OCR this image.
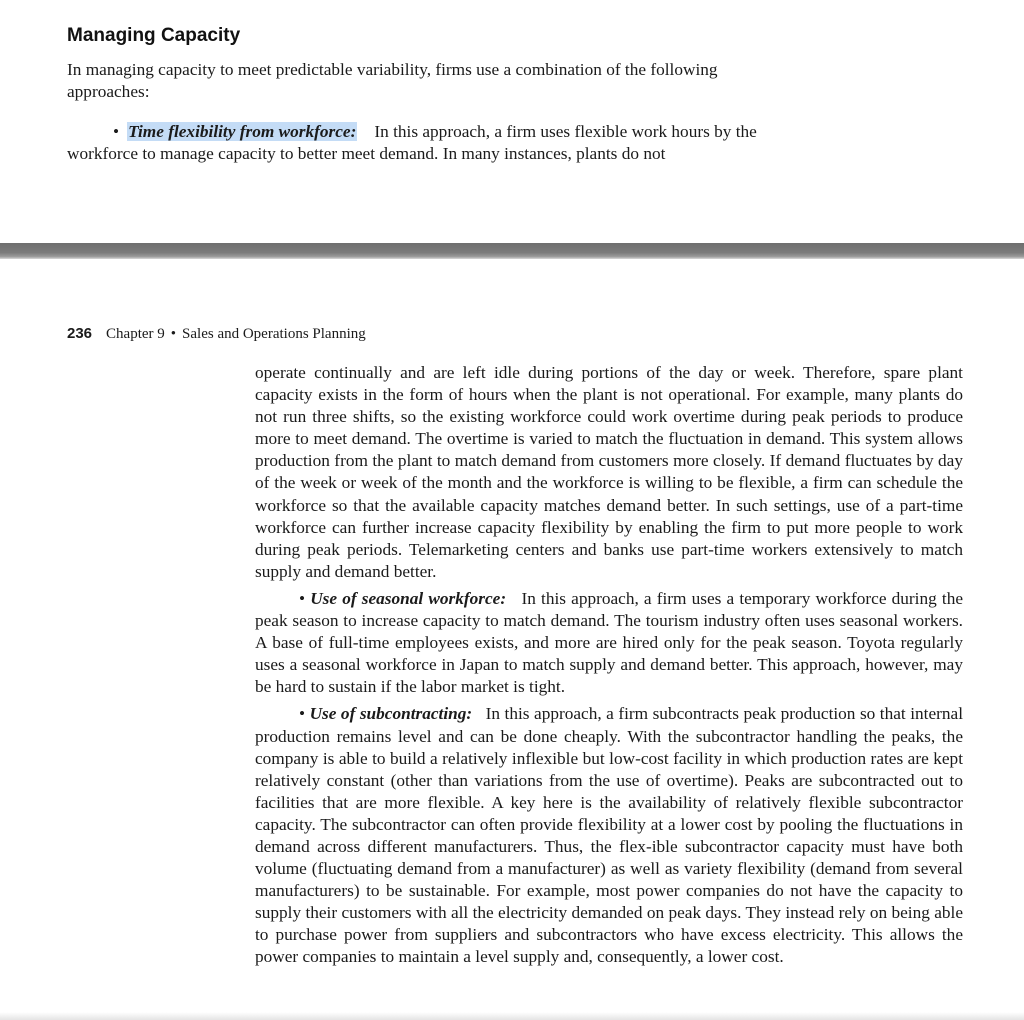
Managing Capacity

In managing capacity to meet predictable variability, firms use a combination of the following approaches:

• Time flexibility from workforce: In this approach, a firm uses flexible work hours by the workforce to manage capacity to better meet demand. In many instances, plants do not

236 Chapter 9 • Sales and Operations Planning

operate continually and are left idle during portions of the day or week. Therefore, spare plant capacity exists in the form of hours when the plant is not operational. For example, many plants do not run three shifts, so the existing workforce could work overtime during peak periods to produce more to meet demand. The overtime is varied to match the fluctuation in demand. This system allows production from the plant to match demand from customers more closely. If demand fluctuates by day of the week or week of the month and the workforce is willing to be flexible, a firm can schedule the workforce so that the available capacity matches demand better. In such settings, use of a part-time workforce can further increase capacity flexibility by enabling the firm to put more people to work during peak periods. Telemarketing centers and banks use part-time workers extensively to match supply and demand better.

• Use of seasonal workforce: In this approach, a firm uses a temporary workforce during the peak season to increase capacity to match demand. The tourism industry often uses seasonal workers. A base of full-time employees exists, and more are hired only for the peak season. Toyota regularly uses a seasonal workforce in Japan to match supply and demand better. This approach, however, may be hard to sustain if the labor market is tight.

• Use of subcontracting: In this approach, a firm subcontracts peak production so that internal production remains level and can be done cheaply. With the subcontractor handling the peaks, the company is able to build a relatively inflexible but low-cost facility in which production rates are kept relatively constant (other than variations from the use of overtime). Peaks are subcontracted out to facilities that are more flexible. A key here is the availability of relatively flexible subcontractor capacity. The subcontractor can often provide flexibility at a lower cost by pooling the fluctuations in demand across different manufacturers. Thus, the flex-ible subcontractor capacity must have both volume (fluctuating demand from a manufacturer) as well as variety flexibility (demand from several manufacturers) to be sustainable. For example, most power companies do not have the capacity to supply their customers with all the electricity demanded on peak days. They instead rely on being able to purchase power from suppliers and subcontractors who have excess electricity. This allows the power companies to maintain a level supply and, consequently, a lower cost.
